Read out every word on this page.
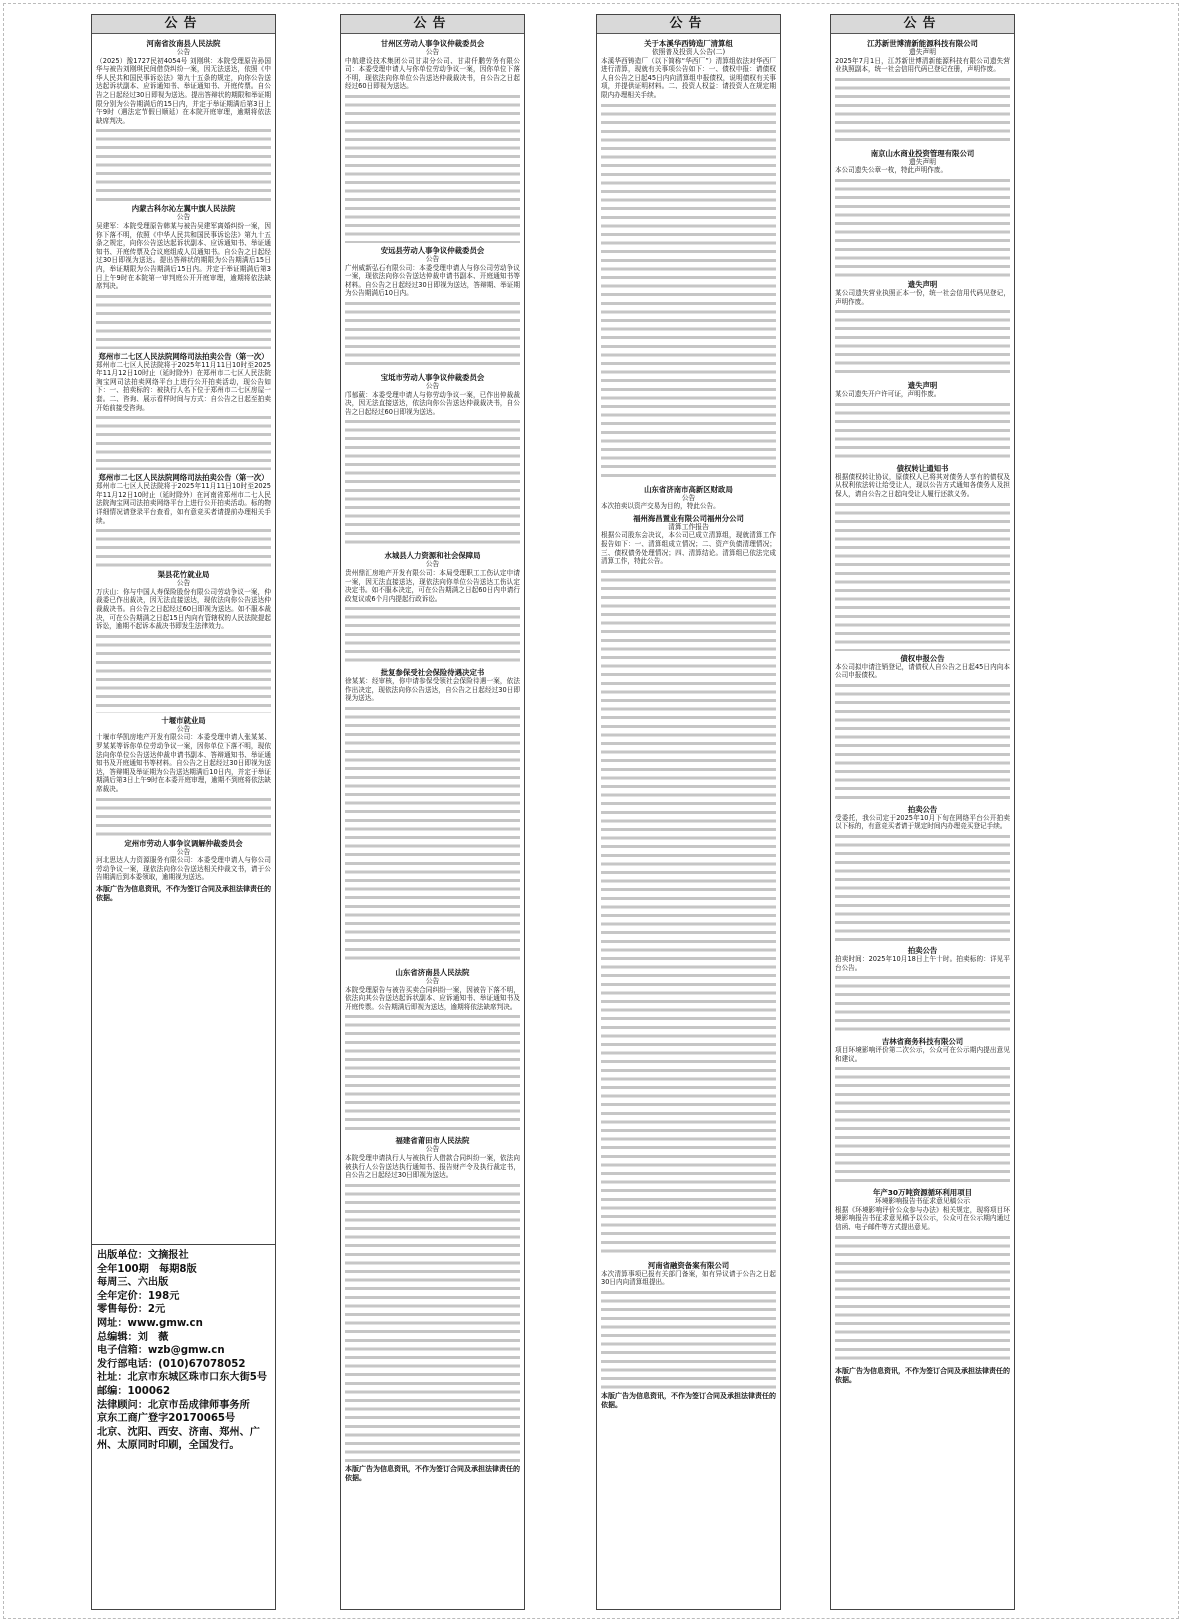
公告
河南省汝南县人民法院
公告
（2025）豫1727民初4054号 刘刚琪：本院受理原告孙国华与被告刘刚琪民间借贷纠纷一案，因无法送达，依照《中华人民共和国民事诉讼法》第九十五条的规定，向你公告送达起诉状副本、应诉通知书、举证通知书、开庭传票。自公告之日起经过30日即视为送达。提出答辩状的期限和举证期限分别为公告期满后的15日内，并定于举证期满后第3日上午9时（遇法定节假日顺延）在本院开庭审理，逾期将依法缺席判决。
内蒙古科尔沁左翼中旗人民法院
公告
吴建军：本院受理原告韩某与被告吴建军离婚纠纷一案，因你下落不明，依照《中华人民共和国民事诉讼法》第九十五条之规定，向你公告送达起诉状副本、应诉通知书、举证通知书、开庭传票及合议庭组成人员通知书。自公告之日起经过30日即视为送达。提出答辩状的期限为公告期满后15日内，举证期限为公告期满后15日内。并定于举证期满后第3日上午9时在本院第一审判庭公开开庭审理，逾期将依法缺席判决。
郑州市二七区人民法院网络司法拍卖公告（第一次）
郑州市二七区人民法院将于2025年11月11日10时至2025年11月12日10时止（延时除外）在郑州市二七区人民法院淘宝网司法拍卖网络平台上进行公开拍卖活动，现公告如下：一、拍卖标的：被执行人名下位于郑州市二七区房屋一套。二、咨询、展示看样时间与方式：自公告之日起至拍卖开始前接受咨询。
郑州市二七区人民法院网络司法拍卖公告（第一次）
郑州市二七区人民法院将于2025年11月11日10时至2025年11月12日10时止（延时除外）在河南省郑州市二七人民法院淘宝网司法拍卖网络平台上进行公开拍卖活动。标的物详细情况请登录平台查看，如有意竞买者请提前办理相关手续。
渠县花竹就业局
公告
万庆山：你与中国人寿保险股份有限公司劳动争议一案，仲裁委已作出裁决，因无法直接送达，现依法向你公告送达仲裁裁决书。自公告之日起经过60日即视为送达。如不服本裁决，可在公告期满之日起15日内向有管辖权的人民法院提起诉讼，逾期不起诉本裁决书即发生法律效力。
十堰市就业局
公告
十堰市华凯房地产开发有限公司：本委受理申请人张某某、罗某某等诉你单位劳动争议一案，因你单位下落不明，现依法向你单位公告送达仲裁申请书副本、答辩通知书、举证通知书及开庭通知书等材料。自公告之日起经过30日即视为送达，答辩期及举证期为公告送达期满后10日内，并定于举证期满后第3日上午9时在本委开庭审理，逾期不到庭将依法缺席裁决。
定州市劳动人事争议调解仲裁委员会
公告
河北思达人力资源服务有限公司：本委受理申请人与你公司劳动争议一案，现依法向你公告送达相关仲裁文书，请于公告期满后到本委领取，逾期视为送达。
本版广告为信息资讯，不作为签订合同及承担法律责任的依据。
出版单位：文摘报社
全年100期　每期8版
每周三、六出版
全年定价：198元
零售每份：2元
网址：www.gmw.cn
总编辑：刘　薇
电子信箱：wzb@gmw.cn
发行部电话：(010)67078052
社址：北京市东城区珠市口东大街5号
邮编：100062
法律顾问：北京市岳成律师事务所
京东工商广登字20170065号
北京、沈阳、西安、济南、郑州、广州、太原同时印刷，全国发行。
公告
甘州区劳动人事争议仲裁委员会
公告
中航建设技术集团公司甘肃分公司、甘肃仟鹏劳务有限公司：本委受理申请人与你单位劳动争议一案，因你单位下落不明，现依法向你单位公告送达仲裁裁决书，自公告之日起经过60日即视为送达。
安远县劳动人事争议仲裁委员会
公告
广州威新弘石有限公司：本委受理申请人与你公司劳动争议一案，现依法向你公告送达仲裁申请书副本、开庭通知书等材料。自公告之日起经过30日即视为送达，答辩期、举证期为公告期满后10日内。
宝坻市劳动人事争议仲裁委员会
公告
邝郁葳：本委受理申请人与你劳动争议一案，已作出仲裁裁决，因无法直接送达，依法向你公告送达仲裁裁决书，自公告之日起经过60日即视为送达。
水城县人力资源和社会保障局
公告
贵州鼎汇房地产开发有限公司：本局受理职工工伤认定申请一案，因无法直接送达，现依法向你单位公告送达工伤认定决定书。如不服本决定，可在公告期满之日起60日内申请行政复议或6个月内提起行政诉讼。
批复参保受社会保险待遇决定书
徐某某：经审核，你申请参保受领社会保险待遇一案，依法作出决定，现依法向你公告送达，自公告之日起经过30日即视为送达。
山东省济南县人民法院
公告
本院受理原告与被告买卖合同纠纷一案，因被告下落不明，依法向其公告送达起诉状副本、应诉通知书、举证通知书及开庭传票。公告期满后即视为送达，逾期将依法缺席判决。
福建省莆田市人民法院
公告
本院受理申请执行人与被执行人借款合同纠纷一案，依法向被执行人公告送达执行通知书、报告财产令及执行裁定书，自公告之日起经过30日即视为送达。
本版广告为信息资讯，不作为签订合同及承担法律责任的依据。
公告
关于本溪华西铸造厂清算组
依照普及投资人公告(二)
本溪华西铸造厂（以下简称“华西厂”）清算组依法对华西厂进行清算，现就有关事项公告如下：一、债权申报：请债权人自公告之日起45日内向清算组申报债权，说明债权有关事项，并提供证明材料。二、投资人权益：请投资人在规定期限内办理相关手续。
山东省济南市高新区财政局
公告
本次拍卖以资产交易为目的，特此公告。
福州海昌置业有限公司福州分公司
清算工作报告
根据公司股东会决议，本公司已成立清算组，现就清算工作报告如下：一、清算组成立情况；二、资产负债清理情况；三、债权债务处理情况；四、清算结论。清算组已依法完成清算工作，特此公告。
河南省融资备案有限公司
本次清算事项已报有关部门备案，如有异议请于公告之日起30日内向清算组提出。
本版广告为信息资讯，不作为签订合同及承担法律责任的依据。
公告
江苏新世博清新能源科技有限公司
遗失声明
2025年7月1日，江苏新世博清新能源科技有限公司遗失营业执照副本，统一社会信用代码已登记在册，声明作废。
南京山水商业投资管理有限公司
遗失声明
本公司遗失公章一枚，特此声明作废。
遗失声明
某公司遗失营业执照正本一份，统一社会信用代码见登记，声明作废。
遗失声明
某公司遗失开户许可证，声明作废。
债权转让通知书
根据债权转让协议，原债权人已将其对债务人享有的债权及从权利依法转让给受让人，现以公告方式通知各债务人及担保人，请自公告之日起向受让人履行还款义务。
债权申报公告
本公司拟申请注销登记，请债权人自公告之日起45日内向本公司申报债权。
拍卖公告
受委托，我公司定于2025年10月下旬在网络平台公开拍卖以下标的，有意竞买者请于规定时间内办理竞买登记手续。
拍卖公告
拍卖时间：2025年10月18日上午十时。拍卖标的：详见平台公告。
吉林省商务科技有限公司
项目环境影响评价第二次公示，公众可在公示期内提出意见和建议。
年产30万吨资源循环利用项目
环境影响报告书征求意见稿公示
根据《环境影响评价公众参与办法》相关规定，现将项目环境影响报告书征求意见稿予以公示，公众可在公示期内通过信函、电子邮件等方式提出意见。
本版广告为信息资讯，不作为签订合同及承担法律责任的依据。
